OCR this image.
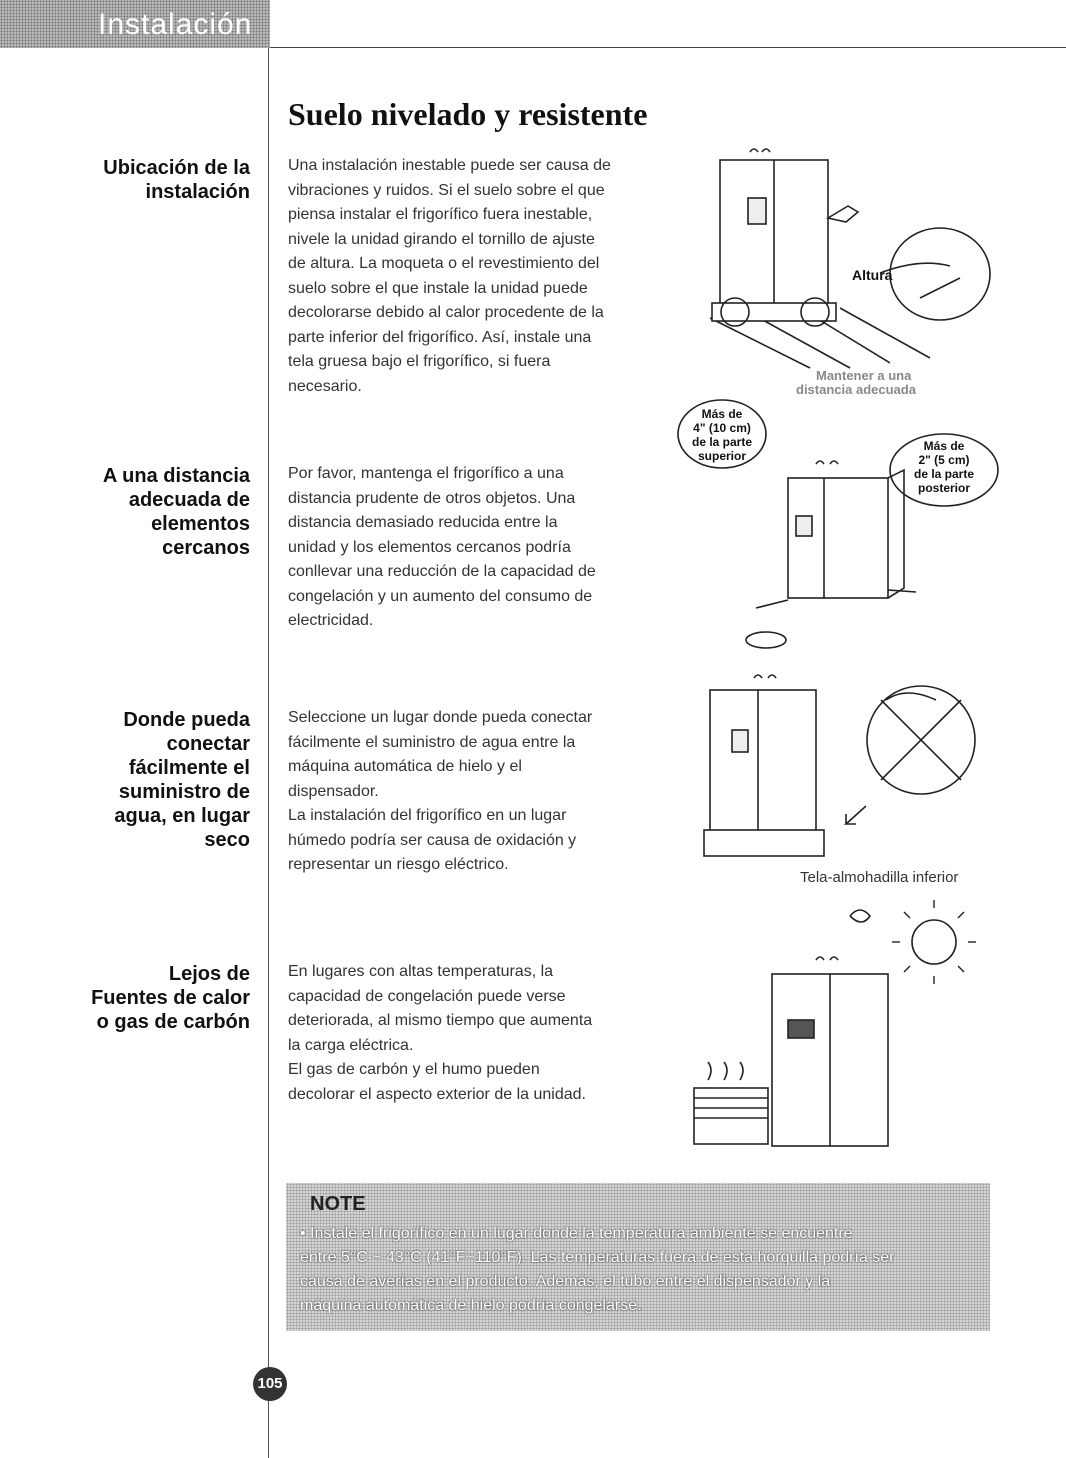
Instalación
Suelo nivelado y resistente
Ubicación de la
instalación
Una instalación inestable puede ser causa de
vibraciones y ruidos. Si el suelo sobre el que
piensa instalar el frigorífico fuera inestable,
nivele la unidad girando el tornillo de ajuste
de altura. La moqueta o el revestimiento del
suelo sobre el que instale la unidad puede
decolorarse debido al calor procedente de la
parte inferior del frigorífico. Así, instale una
tela gruesa bajo el frigorífico, si fuera
necesario.
A una distancia
adecuada de
elementos
cercanos
Por favor, mantenga el frigorífico a una
distancia prudente de otros objetos. Una
distancia demasiado reducida entre la
unidad y los elementos cercanos podría
conllevar una reducción de la capacidad de
congelación y un aumento del consumo de
electricidad.
Donde pueda
conectar
fácilmente el
suministro de
agua, en lugar
seco
Seleccione un lugar donde pueda conectar
fácilmente el suministro de agua entre la
máquina automática de hielo y el
dispensador.
La instalación del frigorífico en un lugar
húmedo podría ser causa de oxidación y
representar un riesgo eléctrico.
Lejos de
Fuentes de calor
o gas de carbón
En lugares con altas temperaturas, la
capacidad de congelación puede verse
deteriorada, al mismo tiempo que aumenta
la carga eléctrica.
El gas de carbón y el humo pueden
decolorar el aspecto exterior de la unidad.
Altura
Mantener a una
distancia adecuada
Más de
4" (10 cm)
de la parte
superior
Más de
2" (5 cm)
de la parte
posterior
Tela-almohadilla inferior
NOTE
• Instale el frigorífico en un lugar donde la temperatura ambiente se encuentre
entre 5°C ~ 43°C (41°F~110°F). Las temperaturas fuera de esta horquilla podría ser
causa de averías en el producto. Además, el tubo entre el dispensador y la
máquina automática de hielo podría congelarse.
105
